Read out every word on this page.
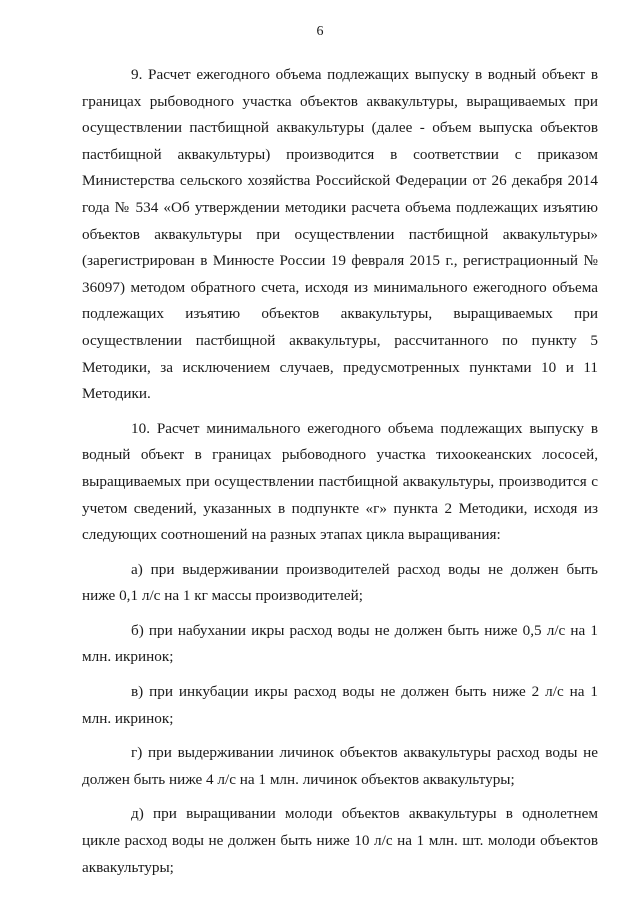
6

9. Расчет ежегодного объема подлежащих выпуску в водный объект в границах рыбоводного участка объектов аквакультуры, выращиваемых при осуществлении пастбищной аквакультуры (далее - объем выпуска объектов пастбищной аквакультуры) производится в соответствии с приказом Министерства сельского хозяйства Российской Федерации от 26 декабря 2014 года № 534 «Об утверждении методики расчета объема подлежащих изъятию объектов аквакультуры при осуществлении пастбищной аквакультуры» (зарегистрирован в Минюсте России 19 февраля 2015 г., регистрационный № 36097) методом обратного счета, исходя из минимального ежегодного объема подлежащих изъятию объектов аквакультуры, выращиваемых при осуществлении пастбищной аквакультуры, рассчитанного по пункту 5 Методики, за исключением случаев, предусмотренных пунктами 10 и 11 Методики.

10. Расчет минимального ежегодного объема подлежащих выпуску в водный объект в границах рыбоводного участка тихоокеанских лососей, выращиваемых при осуществлении пастбищной аквакультуры, производится с учетом сведений, указанных в подпункте «г» пункта 2 Методики, исходя из следующих соотношений на разных этапах цикла выращивания:

а) при выдерживании производителей расход воды не должен быть ниже 0,1 л/с на 1 кг массы производителей;

б) при набухании икры расход воды не должен быть ниже 0,5 л/с на 1 млн. икринок;

в) при инкубации икры расход воды не должен быть ниже 2 л/с на 1 млн. икринок;

г) при выдерживании личинок объектов аквакультуры расход воды не должен быть ниже 4 л/с на 1 млн. личинок объектов аквакультуры;

д) при выращивании молоди объектов аквакультуры в однолетнем цикле расход воды не должен быть ниже 10 л/с на 1 млн. шт. молоди объектов аквакультуры;
